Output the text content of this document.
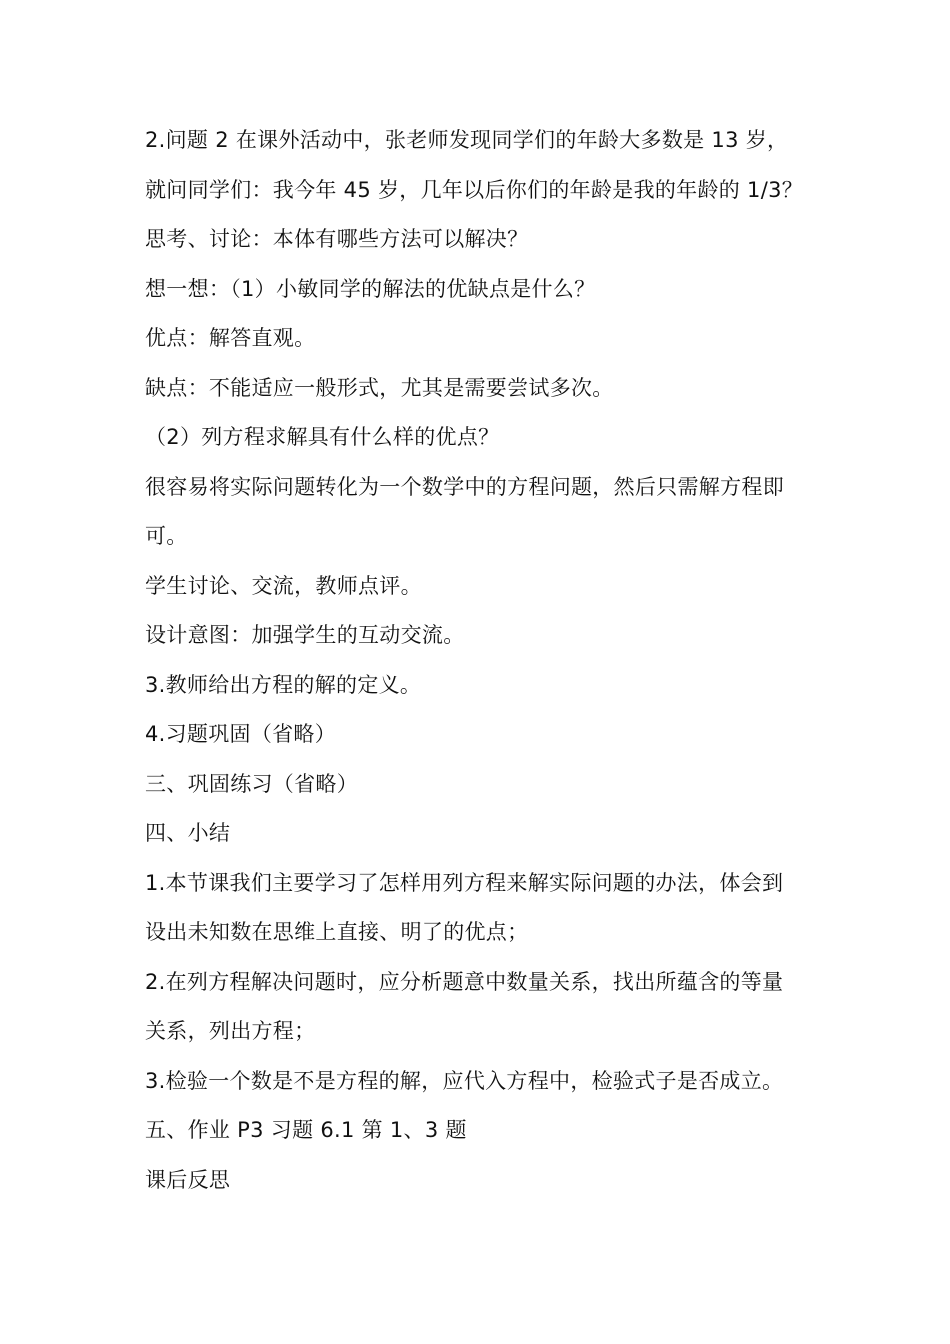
2.问题 2 在课外活动中，张老师发现同学们的年龄大多数是 13 岁，
就问同学们：我今年 45 岁，几年以后你们的年龄是我的年龄的 1/3？
思考、讨论：本体有哪些方法可以解决？
想一想：（1）小敏同学的解法的优缺点是什么？
优点：解答直观。
缺点：不能适应一般形式，尤其是需要尝试多次。
（2）列方程求解具有什么样的优点？
很容易将实际问题转化为一个数学中的方程问题，然后只需解方程即
可。
学生讨论、交流，教师点评。
设计意图：加强学生的互动交流。
3.教师给出方程的解的定义。
4.习题巩固（省略）
三、巩固练习（省略）
四、小结
1.本节课我们主要学习了怎样用列方程来解实际问题的办法，体会到
设出未知数在思维上直接、明了的优点；
2.在列方程解决问题时，应分析题意中数量关系，找出所蕴含的等量
关系，列出方程；
3.检验一个数是不是方程的解，应代入方程中，检验式子是否成立。
五、作业 P3 习题 6.1 第 1、3 题
课后反思
